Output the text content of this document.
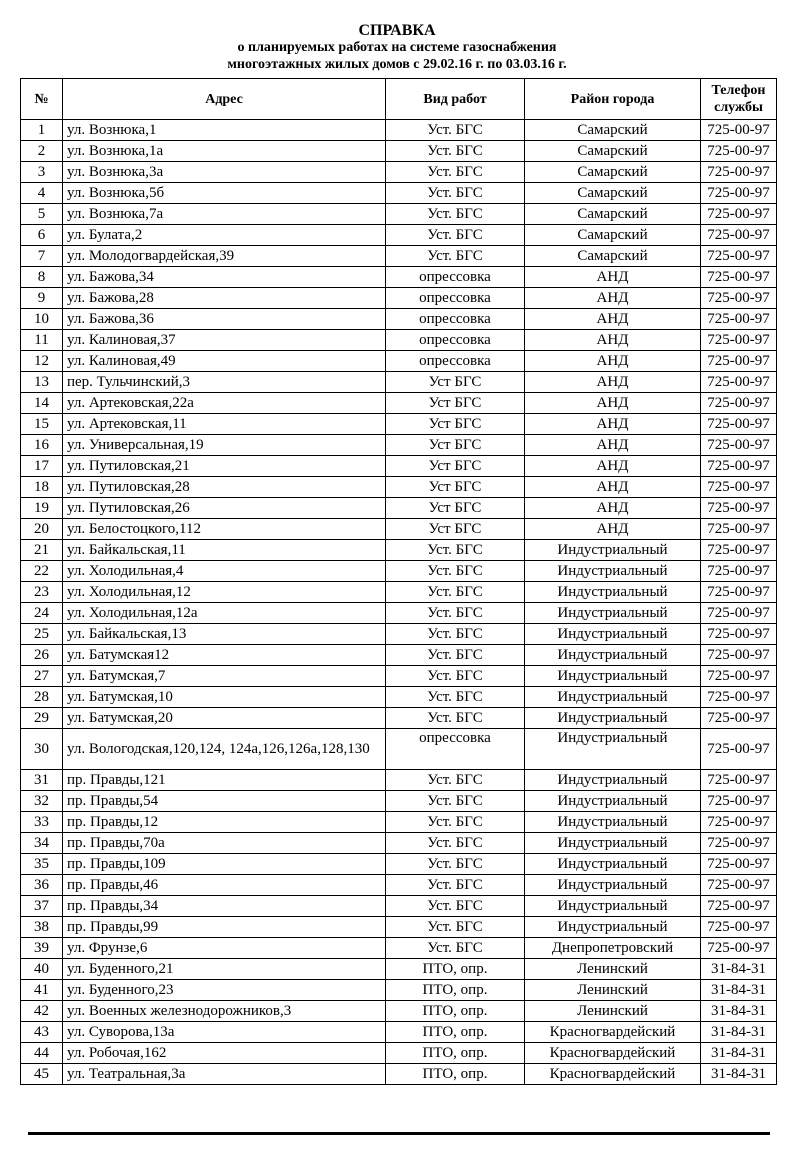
СПРАВКА
о планируемых работах на системе газоснабжения
многоэтажных жилых домов с 29.02.16 г. по 03.03.16 г.
№	Адрес	Вид работ	Район города	Телефон службы
1	ул. Вознюка,1	Уст. БГС	Самарский	725-00-97
2	ул. Вознюка,1а	Уст. БГС	Самарский	725-00-97
3	ул. Вознюка,3а	Уст. БГС	Самарский	725-00-97
4	ул. Вознюка,5б	Уст. БГС	Самарский	725-00-97
5	ул. Вознюка,7а	Уст. БГС	Самарский	725-00-97
6	ул. Булата,2	Уст. БГС	Самарский	725-00-97
7	ул. Молодогвардейская,39	Уст. БГС	Самарский	725-00-97
8	ул. Бажова,34	опрессовка	АНД	725-00-97
9	ул. Бажова,28	опрессовка	АНД	725-00-97
10	ул. Бажова,36	опрессовка	АНД	725-00-97
11	ул. Калиновая,37	опрессовка	АНД	725-00-97
12	ул. Калиновая,49	опрессовка	АНД	725-00-97
13	пер. Тульчинский,3	Уст БГС	АНД	725-00-97
14	ул. Артековская,22а	Уст БГС	АНД	725-00-97
15	ул. Артековская,11	Уст БГС	АНД	725-00-97
16	ул. Универсальная,19	Уст БГС	АНД	725-00-97
17	ул. Путиловская,21	Уст БГС	АНД	725-00-97
18	ул. Путиловская,28	Уст БГС	АНД	725-00-97
19	ул. Путиловская,26	Уст БГС	АНД	725-00-97
20	ул. Белостоцкого,112	Уст БГС	АНД	725-00-97
21	ул. Байкальская,11	Уст. БГС	Индустриальный	725-00-97
22	ул. Холодильная,4	Уст. БГС	Индустриальный	725-00-97
23	ул. Холодильная,12	Уст. БГС	Индустриальный	725-00-97
24	ул. Холодильная,12а	Уст. БГС	Индустриальный	725-00-97
25	ул. Байкальская,13	Уст. БГС	Индустриальный	725-00-97
26	ул. Батумская12	Уст. БГС	Индустриальный	725-00-97
27	ул. Батумская,7	Уст. БГС	Индустриальный	725-00-97
28	ул. Батумская,10	Уст. БГС	Индустриальный	725-00-97
29	ул. Батумская,20	Уст. БГС	Индустриальный	725-00-97
30	ул. Вологодская,120,124, 124а,126,126а,128,130	опрессовка	Индустриальный	725-00-97
31	пр. Правды,121	Уст. БГС	Индустриальный	725-00-97
32	пр. Правды,54	Уст. БГС	Индустриальный	725-00-97
33	пр. Правды,12	Уст. БГС	Индустриальный	725-00-97
34	пр. Правды,70а	Уст. БГС	Индустриальный	725-00-97
35	пр. Правды,109	Уст. БГС	Индустриальный	725-00-97
36	пр. Правды,46	Уст. БГС	Индустриальный	725-00-97
37	пр. Правды,34	Уст. БГС	Индустриальный	725-00-97
38	пр. Правды,99	Уст. БГС	Индустриальный	725-00-97
39	ул. Фрунзе,6	Уст. БГС	Днепропетровский	725-00-97
40	ул. Буденного,21	ПТО, опр.	Ленинский	31-84-31
41	ул. Буденного,23	ПТО, опр.	Ленинский	31-84-31
42	ул. Военных железнодорожников,3	ПТО, опр.	Ленинский	31-84-31
43	ул. Суворова,13а	ПТО, опр.	Красногвардейский	31-84-31
44	ул. Робочая,162	ПТО, опр.	Красногвардейский	31-84-31
45	ул. Театральная,3а	ПТО, опр.	Красногвардейский	31-84-31
